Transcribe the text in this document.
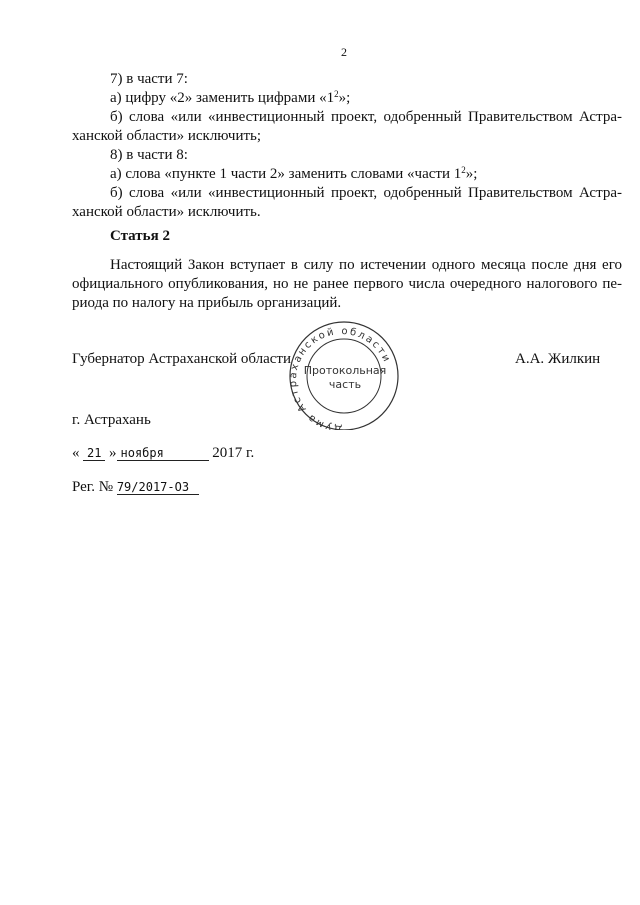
2
7) в части 7:
а) цифру «2» заменить цифрами «$1^2$»;
б) слова «или «инвестиционный проект, одобренный Правительством Астра-
ханской области» исключить;
8) в части 8:
а) слова «пункте 1 части 2» заменить словами «части $1^2$»;
б) слова «или «инвестиционный проект, одобренный Правительством Астра-
ханской области» исключить.
Статья 2
Настоящий Закон вступает в силу по истечении одного месяца после дня его
официального опубликования, но не ранее первого числа очередного налогового пе-
риода по налогу на прибыль организаций.
Губернатор Астраханской области	А.А. Жилкин
Дума Астраханской области
Протокольная
часть
г. Астрахань
« 21 » ноября	2017 г.
Рег. № 79/2017-ОЗ
